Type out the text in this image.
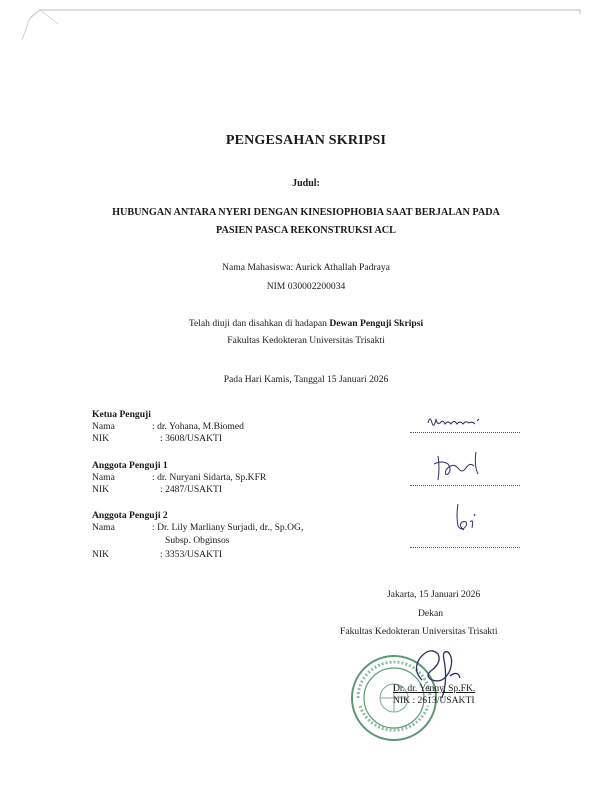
PENGESAHAN SKRIPSI
Judul:
HUBUNGAN ANTARA NYERI DENGAN KINESIOPHOBIA SAAT BERJALAN PADA
PASIEN PASCA REKONSTRUKSI ACL
Nama Mahasiswa: Aurick Athallah Padraya
NIM 030002200034
Telah diuji dan disahkan di hadapan Dewan Penguji Skripsi
Fakultas Kedokteran Universitas Trisakti
Pada Hari Kamis, Tanggal 15 Januari 2026
Ketua Penguji
Nama	: dr. Yohana, M.Biomed
NIK	: 3608/USAKTI
Anggota Penguji 1
Nama	: dr. Nuryani Sidarta, Sp.KFR
NIK	: 2487/USAKTI
Anggota Penguji 2
Nama	: Dr. Lily Marliany Surjadi, dr., Sp.OG,
Subsp. Obginsos
NIK	: 3353/USAKTI
Jakarta, 15 Januari 2026
Dekan
Fakultas Kedokteran Universitas Trisakti
Dr. dr. Yenny, Sp.FK.
NIK : 2613/USAKTI
